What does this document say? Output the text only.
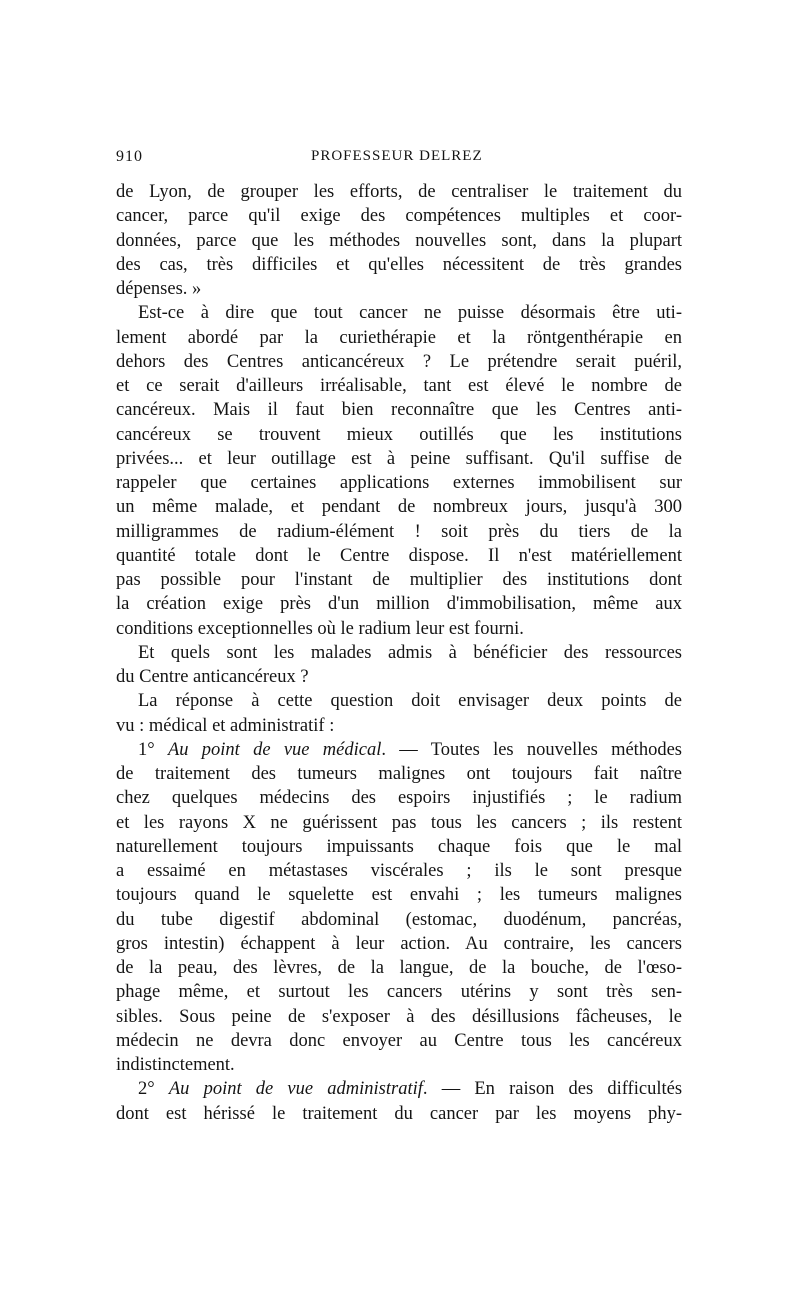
910	PROFESSEUR DELREZ
de Lyon, de grouper les efforts, de centraliser le traitement du
cancer, parce qu'il exige des compétences multiples et coor-
données, parce que les méthodes nouvelles sont, dans la plupart
des cas, très difficiles et qu'elles nécessitent de très grandes
dépenses. »
Est-ce à dire que tout cancer ne puisse désormais être uti-
lement abordé par la curiethérapie et la röntgenthérapie en
dehors des Centres anticancéreux ? Le prétendre serait puéril,
et ce serait d'ailleurs irréalisable, tant est élevé le nombre de
cancéreux. Mais il faut bien reconnaître que les Centres anti-
cancéreux se trouvent mieux outillés que les institutions
privées... et leur outillage est à peine suffisant. Qu'il suffise de
rappeler que certaines applications externes immobilisent sur
un même malade, et pendant de nombreux jours, jusqu'à 300
milligrammes de radium-élément ! soit près du tiers de la
quantité totale dont le Centre dispose. Il n'est matériellement
pas possible pour l'instant de multiplier des institutions dont
la création exige près d'un million d'immobilisation, même aux
conditions exceptionnelles où le radium leur est fourni.
Et quels sont les malades admis à bénéficier des ressources
du Centre anticancéreux ?
La réponse à cette question doit envisager deux points de
vu : médical et administratif :
1° Au point de vue médical. — Toutes les nouvelles méthodes
de traitement des tumeurs malignes ont toujours fait naître
chez quelques médecins des espoirs injustifiés ; le radium
et les rayons X ne guérissent pas tous les cancers ; ils restent
naturellement toujours impuissants chaque fois que le mal
a essaimé en métastases viscérales ; ils le sont presque
toujours quand le squelette est envahi ; les tumeurs malignes
du tube digestif abdominal (estomac, duodénum, pancréas,
gros intestin) échappent à leur action. Au contraire, les cancers
de la peau, des lèvres, de la langue, de la bouche, de l'œso-
phage même, et surtout les cancers utérins y sont très sen-
sibles. Sous peine de s'exposer à des désillusions fâcheuses, le
médecin ne devra donc envoyer au Centre tous les cancéreux
indistinctement.
2° Au point de vue administratif. — En raison des difficultés
dont est hérissé le traitement du cancer par les moyens phy-
